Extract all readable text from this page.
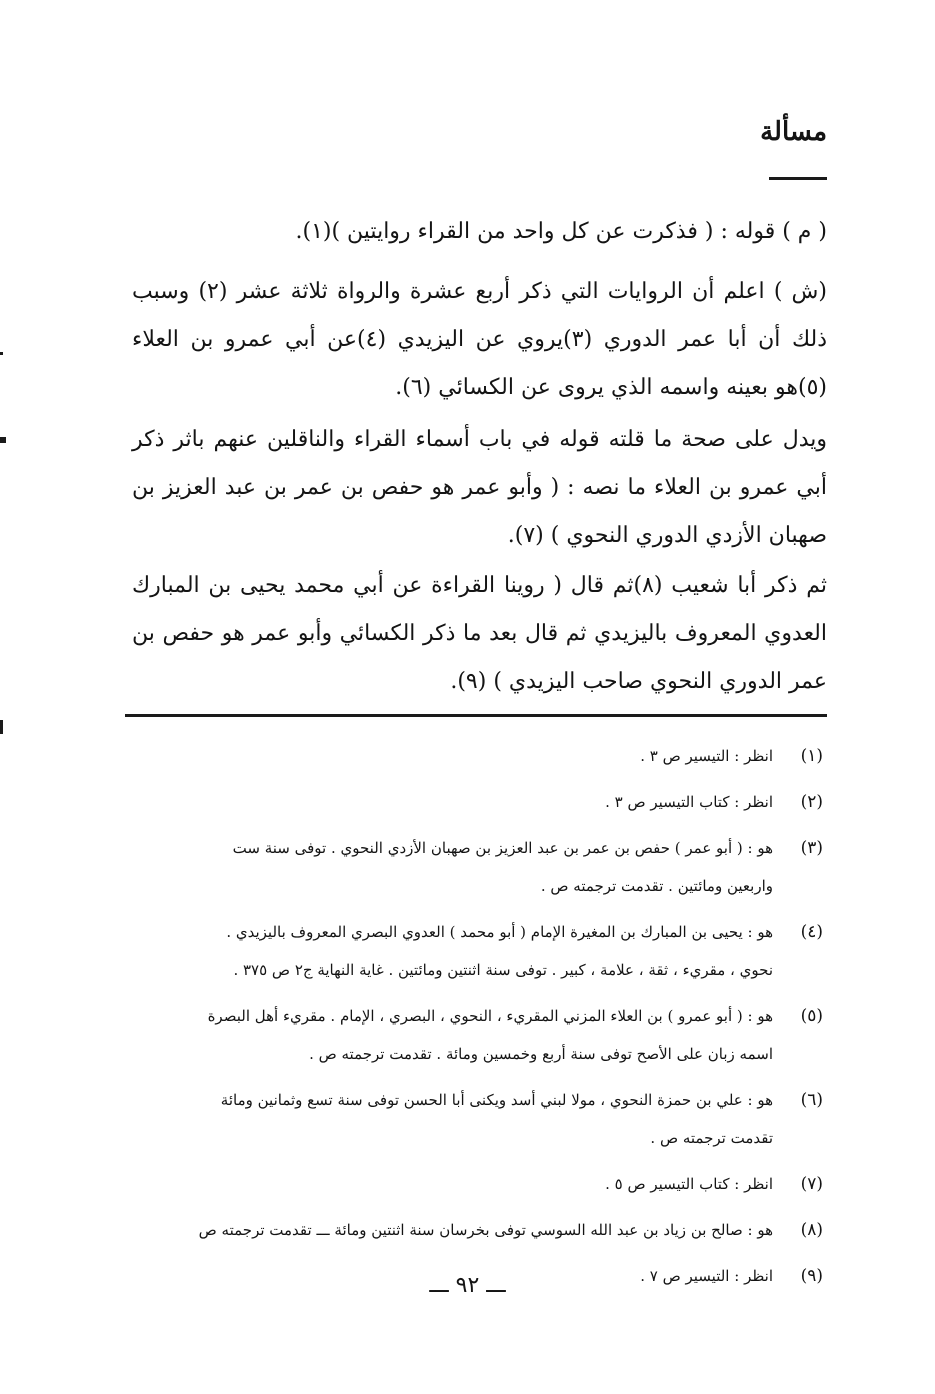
مسألة
( م ) قوله : ( فذكرت عن كل واحد من القراء روايتين )(١).
(ش ) اعلم أن الروايات التي ذكر أربع عشرة والرواة ثلاثة عشر (٢) وسبب ذلك أن أبا عمر الدوري (٣)يروي عن اليزيدي (٤)عن أبي عمرو بن العلاء (٥)هو بعينه واسمه الذي يروى عن الكسائي (٦).
ويدل على صحة ما قلته قوله في باب أسماء القراء والناقلين عنهم باثر ذكر أبي عمرو بن العلاء ما نصه : ( وأبو عمر هو حفص بن عمر بن عبد العزيز بن صهبان الأزدي الدوري النحوي ) (٧).
ثم ذكر أبا شعيب (٨)ثم قال ( روينا القراءة عن أبي محمد يحيى بن المبارك العدوي المعروف باليزيدي ثم قال بعد ما ذكر الكسائي وأبو عمر هو حفص بن عمر الدوري النحوي صاحب اليزيدي ) (٩).
(١)
انظر : التيسير ص ٣ .
(٢)
انظر : كتاب التيسير ص ٣ .
(٣)
هو : ( أبو عمر ) حفص بن عمر بن عبد العزيز بن صهبان الأزدي النحوي . توفى سنة ست
واربعين ومائتين . تقدمت ترجمته ص .
(٤)
هو : يحيى بن المبارك بن المغيرة الإمام ( أبو محمد ) العدوي البصري المعروف باليزيدي .
نحوي ، مقريء ، ثقة ، علامة ، كبير . توفى سنة اثنتين ومائتين . غاية النهاية ج٢ ص ٣٧٥ .
(٥)
هو : ( أبو عمرو ) بن العلاء المزني المقريء ، النحوي ، البصري ، الإمام . مقريء أهل البصرة
اسمه زبان على الأصح توفى سنة أربع وخمسين ومائة . تقدمت ترجمته ص .
(٦)
هو : علي بن حمزة النحوي ، مولا لبني أسد ويكنى أبا الحسن توفى سنة تسع وثمانين ومائة
تقدمت ترجمته ص .
(٧)
انظر : كتاب التيسير ص ٥ .
(٨)
هو : صالح بن زياد بن عبد الله السوسي توفى بخرسان سنة اثنتين ومائة ـــ تقدمت ترجمته ص
(٩)
انظر : التيسير ص ٧ .
ـــ ٩٢ ـــ
